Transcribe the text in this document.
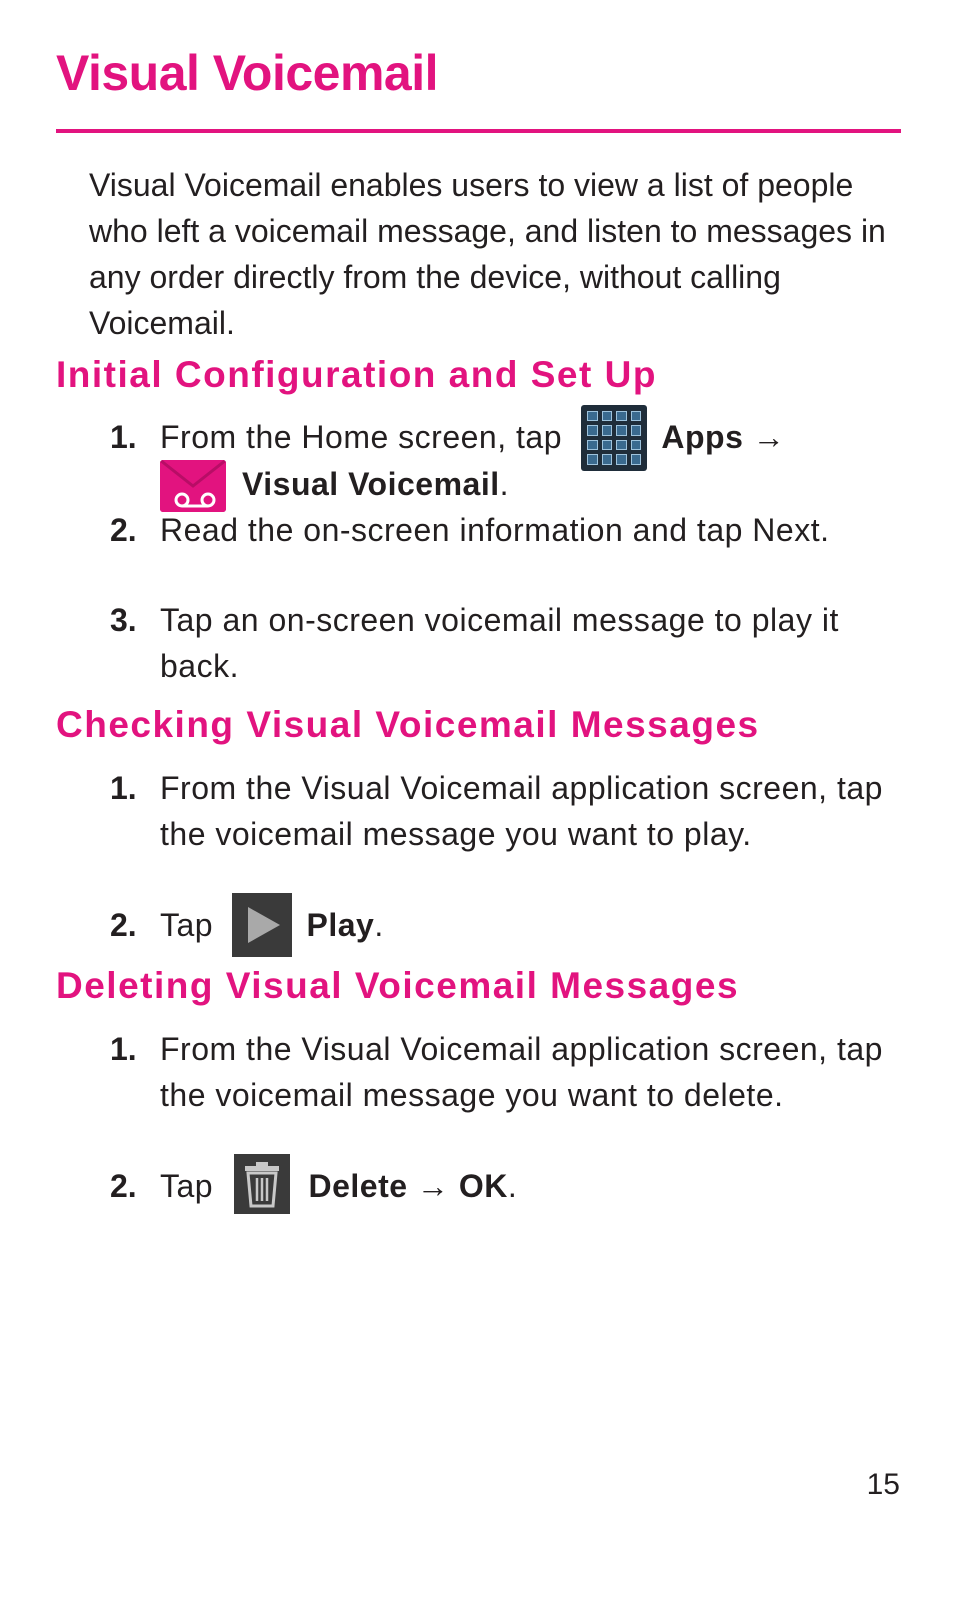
Visual Voicemail

Visual Voicemail enables users to view a list of people who left a voicemail message, and listen to messages in any order directly from the device, without calling Voicemail.

Initial Configuration and Set Up
1. From the Home screen, tap	Apps →
Visual Voicemail.
2. Read the on-screen information and tap Next.
3. Tap an on-screen voicemail message to play it back.
Checking Visual Voicemail Messages
1. From the Visual Voicemail application screen, tap the voicemail message you want to play.
2. Tap	Play.
Deleting Visual Voicemail Messages
1. From the Visual Voicemail application screen, tap the voicemail message you want to delete.
2. Tap	Delete → OK.
15
